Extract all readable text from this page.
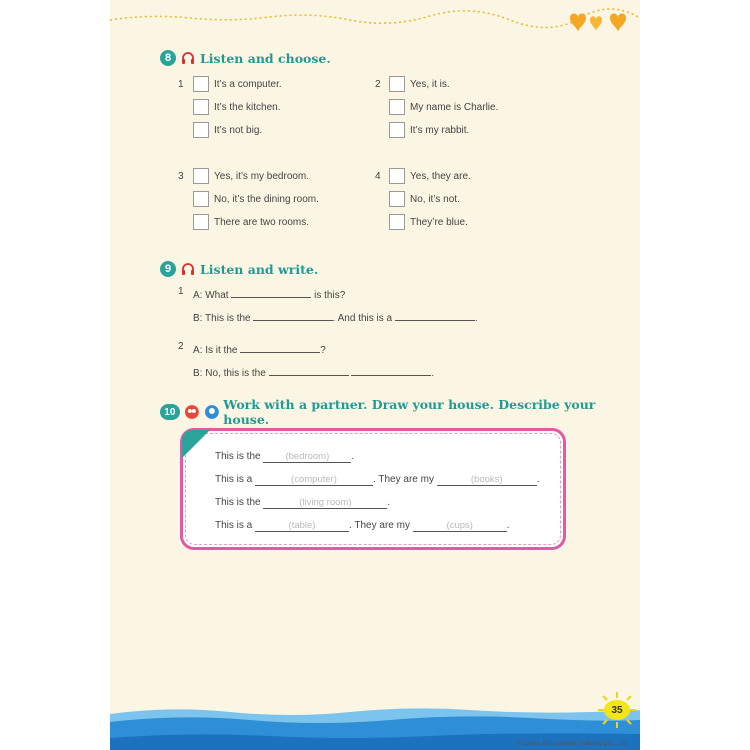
8	Listen and choose.
1	It’s a computer.
It’s the kitchen.
It’s not big.
2	Yes, it is.
My name is Charlie.
It’s my rabbit.
3	Yes, it’s my bedroom.
No, it’s the dining room.
There are two rooms.
4	Yes, they are.
No, it’s not.
They’re blue.
9	Listen and write.
1 A: What	is this?
B: This is the	. And this is a	.
2 A: Is it the	?
B: No, this is the	.
10	Work with a partner. Draw your house. Describe your house.
This is the	(bedroom) .
This is a	(computer)	. They are my	(books)	.
This is the	(living room)	.
This is a	(table)	. They are my	(cups)	.
35
© Caves Educational Training Co., Ltd.
